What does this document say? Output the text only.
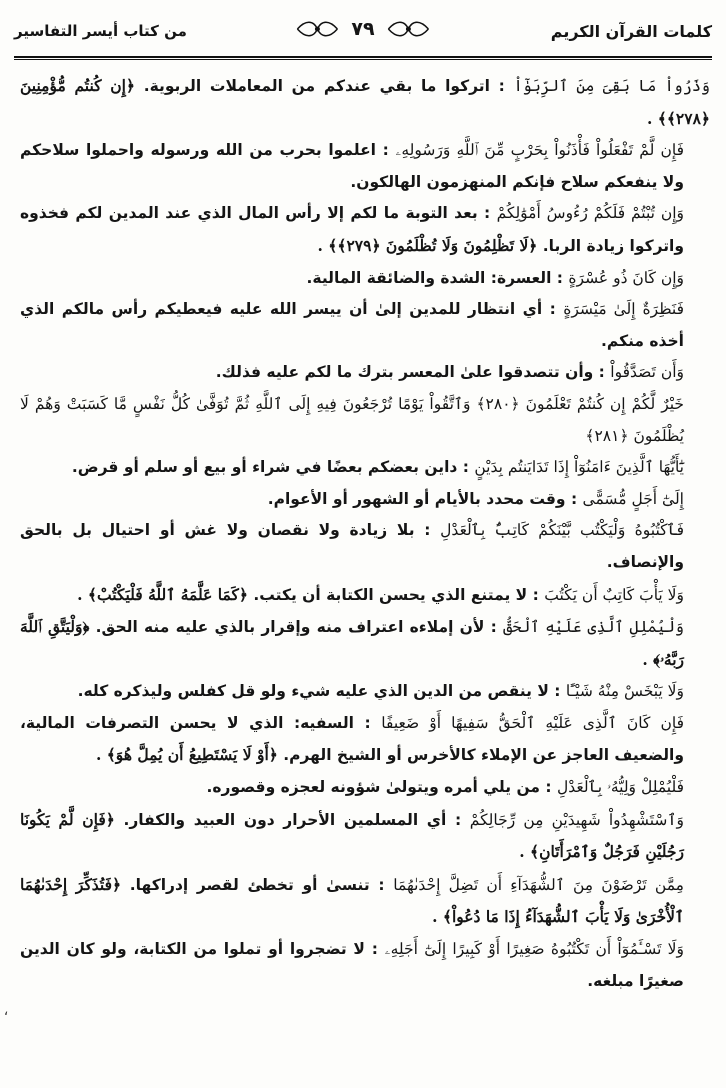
كلمات القرآن الكريم
٧٩
من كتاب أيسر التفاسير

وَذَرُواْ مَا بَقِىَ مِنَ ٱلرِّبَوٰٓاْ : اتركوا ما بقي عندكم من المعاملات الربوية. ﴿إِن كُنتُم مُّؤْمِنِينَ ﴿٢٧٨﴾﴾ .

فَإِن لَّمْ تَفْعَلُواْ فَأْذَنُواْ بِحَرْبٍ مِّنَ ٱللَّهِ وَرَسُولِهِۦ : اعلموا بحرب من الله ورسوله واحملوا سلاحكم ولا ينفعكم سلاح فإنكم المنهزمون الهالكون.

وَإِن تُبْتُمْ فَلَكُمْ رُءُوسُ أَمْوَٰلِكُمْ : بعد التوبة ما لكم إلا رأس المال الذي عند المدين لكم فخذوه واتركوا زيادة الربا. ﴿لَا تَظْلِمُونَ وَلَا تُظْلَمُونَ ﴿٢٧٩﴾﴾ .

وَإِن كَانَ ذُو عُسْرَةٍ : العسرة: الشدة والضائقة المالية.

فَنَظِرَةٌ إِلَىٰ مَيْسَرَةٍ : أي انتظار للمدين إلىٰ أن ييسر الله عليه فيعطيكم رأس مالكم الذي أخذه منكم.

وَأَن تَصَدَّقُواْ : وأن تتصدقوا علىٰ المعسر بترك ما لكم عليه فذلك.

خَيْرٌ لَّكُمْ إِن كُنتُمْ تَعْلَمُونَ ﴿٢٨٠﴾ وَٱتَّقُواْ يَوْمًا تُرْجَعُونَ فِيهِ إِلَى ٱللَّهِ ثُمَّ تُوَفَّىٰ كُلُّ نَفْسٍ مَّا كَسَبَتْ وَهُمْ لَا يُظْلَمُونَ ﴿٢٨١﴾

يَٰٓأَيُّهَا ٱلَّذِينَ ءَامَنُوٓاْ إِذَا تَدَايَنتُم بِدَيْنٍ : داين بعضكم بعضًا في شراء أو بيع أو سلم أو قرض.

إِلَىٰٓ أَجَلٍ مُّسَمًّى : وقت محدد بالأيام أو الشهور أو الأعوام.

فَٱكْتُبُوهُ وَلْيَكْتُب بَّيْنَكُمْ كَاتِبٌۢ بِٱلْعَدْلِ : بلا زيادة ولا نقصان ولا غش أو احتيال بل بالحق والإنصاف.

وَلَا يَأْبَ كَاتِبٌ أَن يَكْتُبَ : لا يمتنع الذي يحسن الكتابة أن يكتب. ﴿كَمَا عَلَّمَهُ ٱللَّهُ فَلْيَكْتُبْ﴾ .

وَلْيُمْلِلِ ٱلَّذِى عَلَيْهِ ٱلْحَقُّ : لأن إملاءه اعتراف منه وإقرار بالذي عليه منه الحق. ﴿وَلْيَتَّقِ ٱللَّهَ رَبَّهُۥ﴾ .

وَلَا يَبْخَسْ مِنْهُ شَيْـًٔا : لا ينقص من الدين الذي عليه شيء ولو قل كفلس وليذكره كله.

فَإِن كَانَ ٱلَّذِى عَلَيْهِ ٱلْحَقُّ سَفِيهًا أَوْ ضَعِيفًا : السفيه: الذي لا يحسن التصرفات المالية، والضعيف العاجز عن الإملاء كالأخرس أو الشيخ الهرم. ﴿أَوْ لَا يَسْتَطِيعُ أَن يُمِلَّ هُوَ﴾ .

فَلْيُمْلِلْ وَلِيُّهُۥ بِٱلْعَدْلِ : من يلي أمره ويتولىٰ شؤونه لعجزه وقصوره.

وَٱسْتَشْهِدُواْ شَهِيدَيْنِ مِن رِّجَالِكُمْ : أي المسلمين الأحرار دون العبيد والكفار. ﴿فَإِن لَّمْ يَكُونَا رَجُلَيْنِ فَرَجُلٌ وَٱمْرَأَتَانِ﴾ .

مِمَّن تَرْضَوْنَ مِنَ ٱلشُّهَدَآءِ أَن تَضِلَّ إِحْدَىٰهُمَا : تنسىٰ أو تخطئ لقصر إدراكها. ﴿فَتُذَكِّرَ إِحْدَىٰهُمَا ٱلْأُخْرَىٰ وَلَا يَأْبَ ٱلشُّهَدَآءُ إِذَا مَا دُعُواْ﴾ .

وَلَا تَسْـَٔمُوٓاْ أَن تَكْتُبُوهُ صَغِيرًا أَوْ كَبِيرًا إِلَىٰٓ أَجَلِهِۦ : لا تضجروا أو تملوا من الكتابة، ولو كان الدين صغيرًا مبلغه.

‘
